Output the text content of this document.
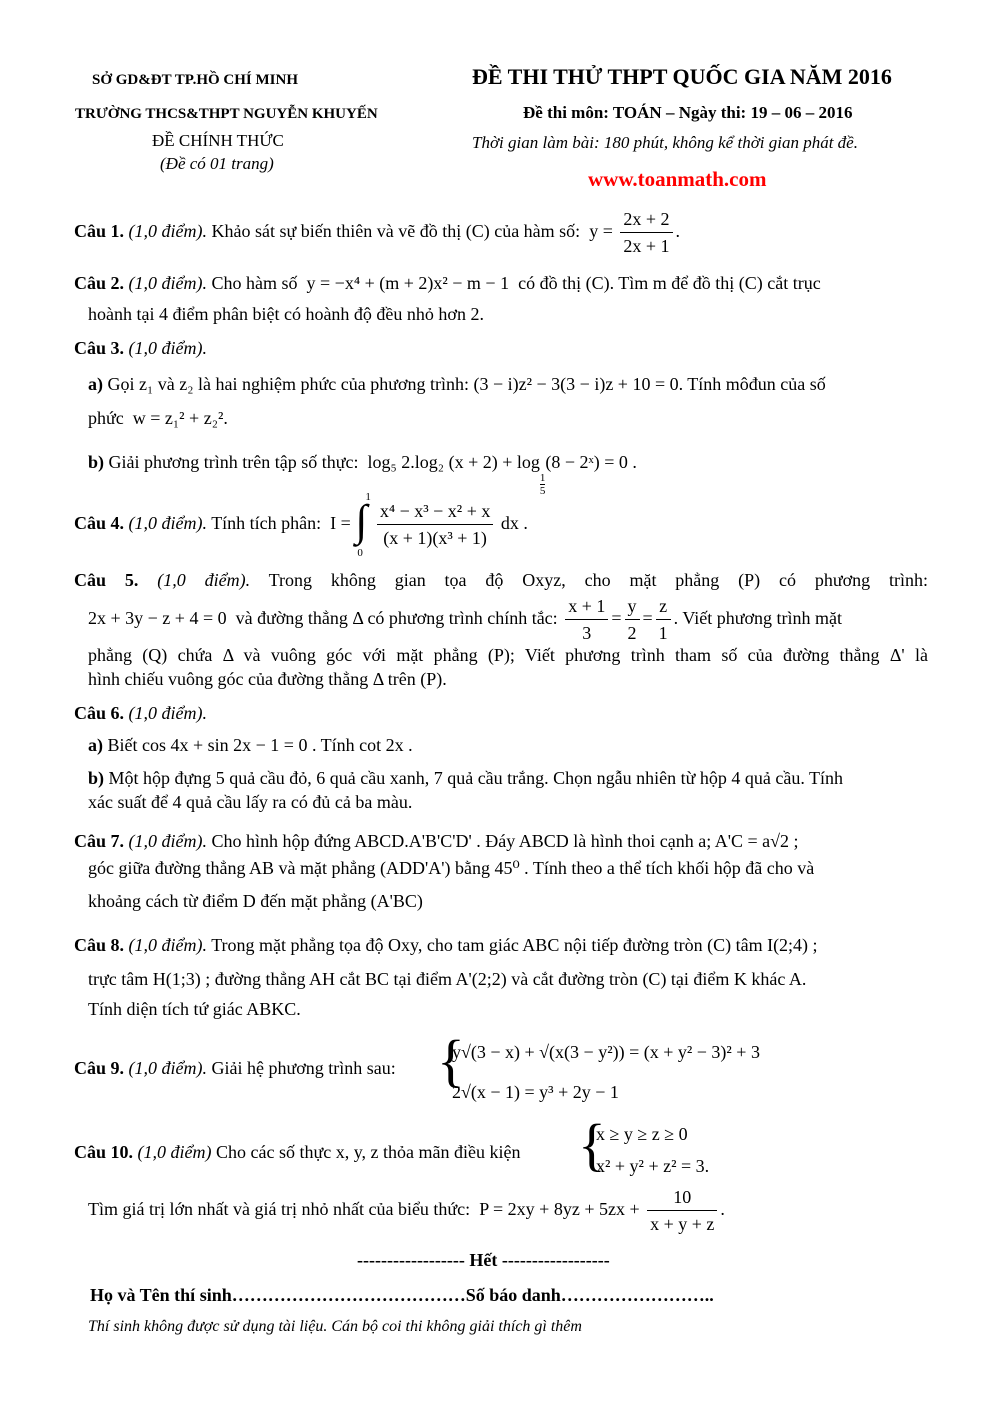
SỞ GD&ĐT TP.HỒ CHÍ MINH
TRƯỜNG THCS&THPT NGUYỄN KHUYẾN
ĐỀ CHÍNH THỨC
(Đề có 01 trang)
ĐỀ THI THỬ THPT QUỐC GIA NĂM 2016
Đề thi môn: TOÁN – Ngày thi: 19 – 06 – 2016
Thời gian làm bài: 180 phút, không kể thời gian phát đề.
www.toanmath.com
Câu 1. (1,0 điểm). Khảo sát sự biến thiên và vẽ đồ thị (C) của hàm số: $y = \frac{2x + 2}{2x + 1}$ .
Câu 2. (1,0 điểm). Cho hàm số y = −x⁴ + (m + 2)x² − m − 1 có đồ thị (C). Tìm m để đồ thị (C) cắt trục
hoành tại 4 điểm phân biệt có hoành độ đều nhỏ hơn 2.
Câu 3. (1,0 điểm).
a) Gọi z₁ và z₂ là hai nghiệm phức của phương trình: (3 − i)z² − 3(3 − i)z + 10 = 0. Tính môđun của số
phức w = z₁² + z₂².
b) Giải phương trình trên tập số thực: log₅ 2.log₂ (x + 2) + log
$\frac{1}{5}$
(8 − 2ˣ) = 0 .
Câu 4. (1,0 điểm). Tính tích phân: I = ∫
1
0

$\frac{\text{x⁴ − x³ − x² + x}}{\text{(x + 1)(x³ + 1)}}$ dx .
Câu 5. (1,0 điểm). Trong không gian tọa độ Oxyz, cho mặt phẳng (P) có phương trình:
2x + 3y − z + 4 = 0 và đường thẳng Δ có phương trình chính tắc: $\frac{x + 1}{3} = \frac{y}{2} = \frac{z}{1}$ . Viết phương trình mặt
phẳng (Q) chứa Δ và vuông góc với mặt phẳng (P); Viết phương trình tham số của đường thẳng Δ' là
hình chiếu vuông góc của đường thẳng Δ trên (P).
Câu 6. (1,0 điểm).
a) Biết cos 4x + sin 2x − 1 = 0 . Tính cot 2x .
b) Một hộp đựng 5 quả cầu đỏ, 6 quả cầu xanh, 7 quả cầu trắng. Chọn ngẫu nhiên từ hộp 4 quả cầu. Tính
xác suất để 4 quả cầu lấy ra có đủ cả ba màu.
Câu 7. (1,0 điểm). Cho hình hộp đứng ABCD.A'B'C'D' . Đáy ABCD là hình thoi cạnh a; A'C = a√2 ;
góc giữa đường thẳng AB và mặt phẳng (ADD'A') bằng 45⁰ . Tính theo a thể tích khối hộp đã cho và
khoảng cách từ điểm D đến mặt phẳng (A'BC)
Câu 8. (1,0 điểm). Trong mặt phẳng tọa độ Oxy, cho tam giác ABC nội tiếp đường tròn (C) tâm I(2;4) ;
trực tâm H(1;3) ; đường thẳng AH cắt BC tại điểm A'(2;2) và cắt đường tròn (C) tại điểm K khác A.
Tính diện tích tứ giác ABKC.
Câu 9. (1,0 điểm). Giải hệ phương trình sau: {
y√(3 − x) + √(x(3 − y²)) = (x + y² − 3)² + 3
2√(x − 1) = y³ + 2y − 1
Câu 10. (1,0 điểm) Cho các số thực x, y, z thỏa mãn điều kiện {
x ≥ y ≥ z ≥ 0
x² + y² + z² = 3.
Tìm giá trị lớn nhất và giá trị nhỏ nhất của biểu thức: $P = 2xy + 8yz + 5zx + \frac{10}{x + y + z}$ .
------------------ Hết ------------------
Họ và Tên thí sinh…………………………………Số báo danh……………………..
Thí sinh không được sử dụng tài liệu. Cán bộ coi thi không giải thích gì thêm
